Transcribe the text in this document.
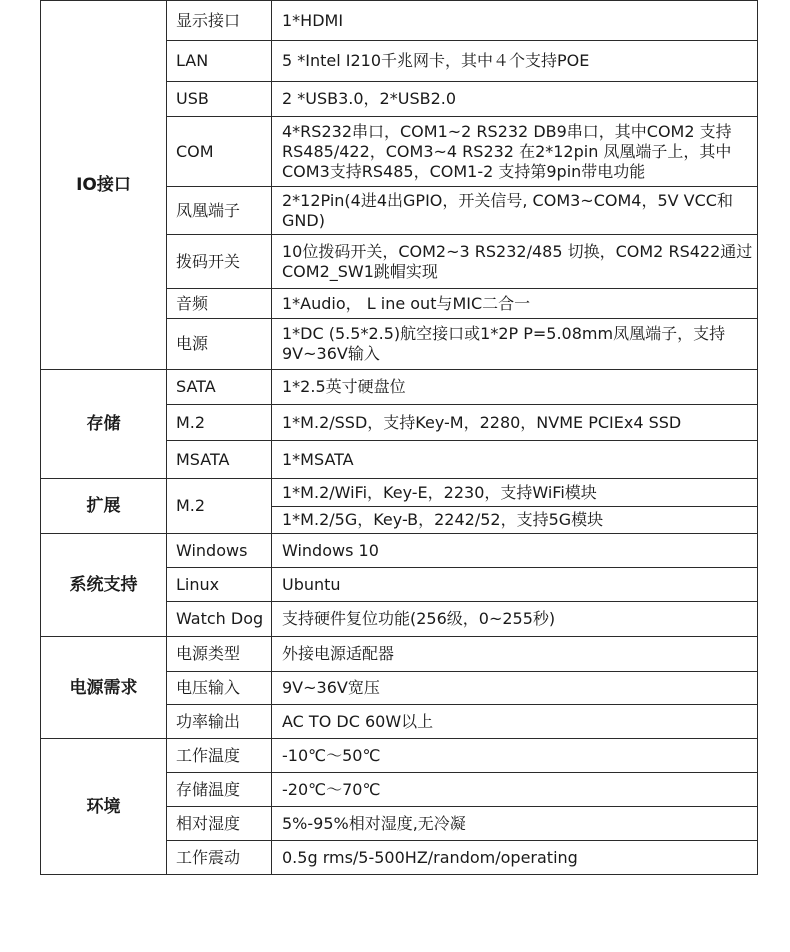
IO接口	显示接口	1*HDMI
	LAN	5 *Intel I210千兆网卡，其中４个支持POE
	USB	2 *USB3.0，2*USB2.0
	COM	4*RS232串口，COM1~2 RS232 DB9串口，其中COM2 支持RS485/422，COM3~4 RS232 在2*12pin 凤凰端子上，其中COM3支持RS485，COM1-2 支持第9pin带电功能
	凤凰端子	2*12Pin(4进4出GPIO，开关信号, COM3~COM4，5V VCC和GND)
	拨码开关	10位拨码开关，COM2~3 RS232/485 切换，COM2 RS422通过COM2_SW1跳帽实现
	音频	1*Audio， L ine out与MIC二合一
	电源	1*DC (5.5*2.5)航空接口或1*2P P=5.08mm凤凰端子，支持9V~36V输入
存储	SATA	1*2.5英寸硬盘位
	M.2	1*M.2/SSD，支持Key-M，2280，NVME PCIEx4 SSD
	MSATA	1*MSATA
扩展	M.2	1*M.2/WiFi，Key-E，2230，支持WiFi模块
		1*M.2/5G，Key-B，2242/52，支持5G模块
系统支持	Windows	Windows 10
	Linux	Ubuntu
	Watch Dog	支持硬件复位功能(256级，0~255秒)
电源需求	电源类型	外接电源适配器
	电压输入	9V~36V宽压
	功率输出	AC TO DC 60W以上
环境	工作温度	-10℃～50℃
	存储温度	-20℃～70℃
	相对湿度	5%-95%相对湿度,无冷凝
	工作震动	0.5g rms/5-500HZ/random/operating
